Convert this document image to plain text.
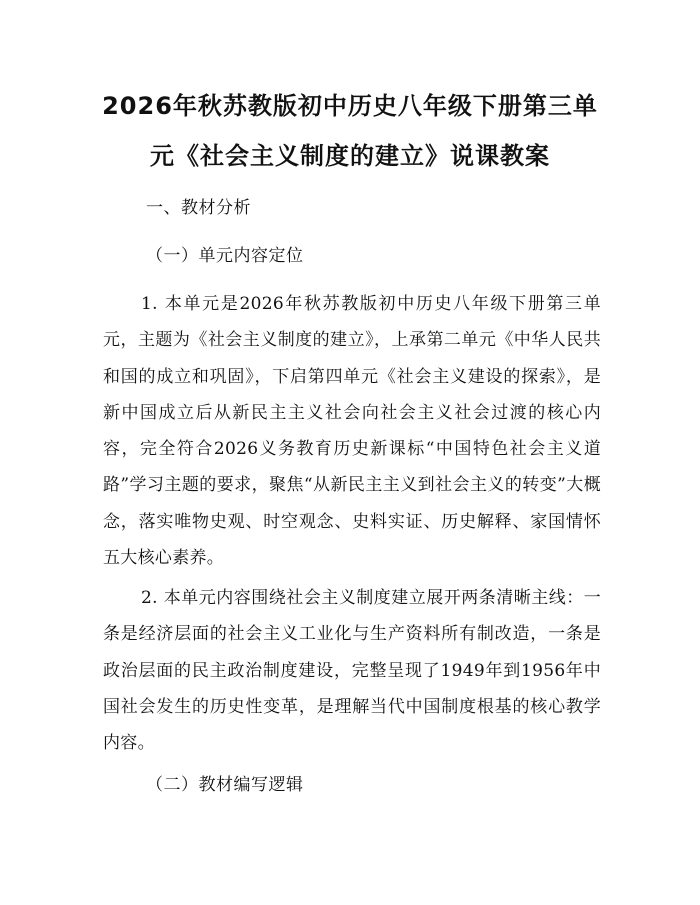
2026年秋苏教版初中历史八年级下册第三单
元《社会主义制度的建立》说课教案

一、教材分析

（一）单元内容定位

1. 本单元是2026年秋苏教版初中历史八年级下册第三单元，主题为《社会主义制度的建立》，上承第二单元《中华人民共和国的成立和巩固》，下启第四单元《社会主义建设的探索》，是新中国成立后从新民主主义社会向社会主义社会过渡的核心内容，完全符合2026义务教育历史新课标“中国特色社会主义道路”学习主题的要求，聚焦“从新民主主义到社会主义的转变”大概念，落实唯物史观、时空观念、史料实证、历史解释、家国情怀五大核心素养。

2. 本单元内容围绕社会主义制度建立展开两条清晰主线：一条是经济层面的社会主义工业化与生产资料所有制改造，一条是政治层面的民主政治制度建设，完整呈现了1949年到1956年中国社会发生的历史性变革，是理解当代中国制度根基的核心教学内容。

（二）教材编写逻辑
